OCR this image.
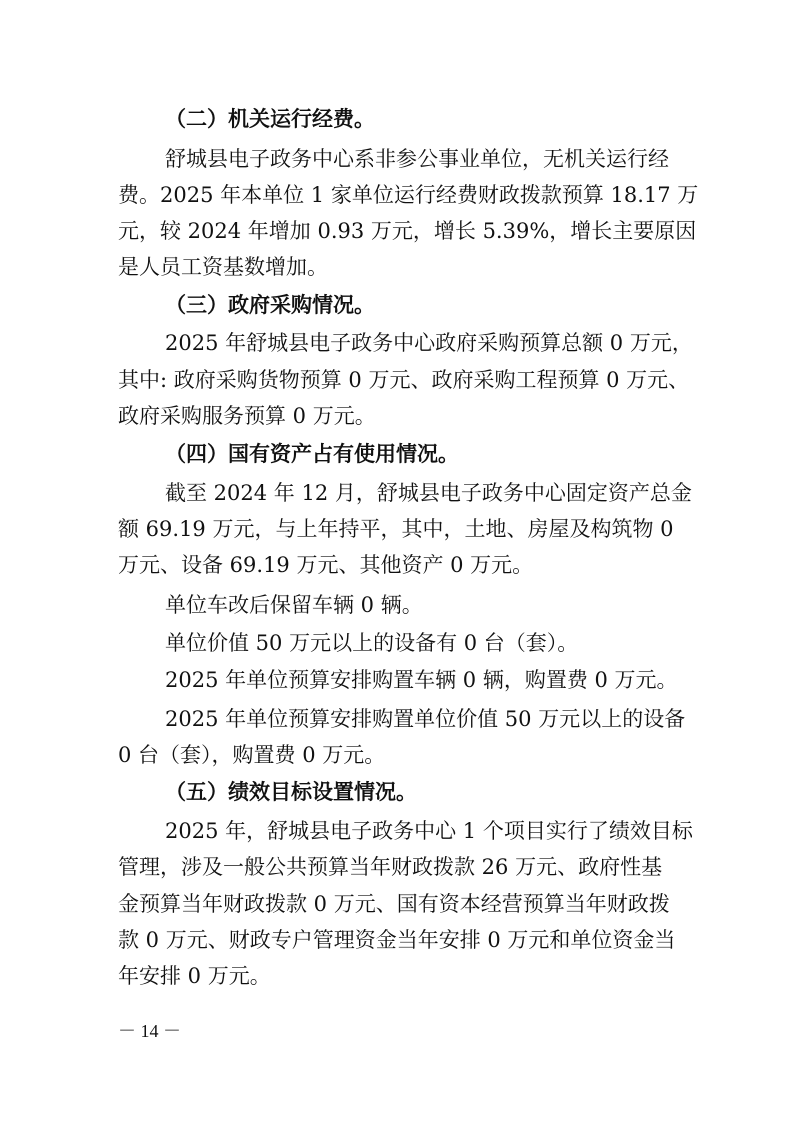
（二）机关运行经费。
舒城县电子政务中心系非参公事业单位，无机关运行经
费。2025 年本单位 1 家单位运行经费财政拨款预算 18.17 万
元，较 2024 年增加 0.93 万元，增长 5.39%，增长主要原因
是人员工资基数增加。
（三）政府采购情况。
2025 年舒城县电子政务中心政府采购预算总额 0 万元，
其中: 政府采购货物预算 0 万元、政府采购工程预算 0 万元、
政府采购服务预算 0 万元。
（四）国有资产占有使用情况。
截至 2024 年 12 月，舒城县电子政务中心固定资产总金
额 69.19 万元，与上年持平，其中，土地、房屋及构筑物 0
万元、设备 69.19 万元、其他资产 0 万元。
单位车改后保留车辆 0 辆。
单位价值 50 万元以上的设备有 0 台（套）。
2025 年单位预算安排购置车辆 0 辆，购置费 0 万元。
2025 年单位预算安排购置单位价值 50 万元以上的设备
0 台（套），购置费 0 万元。
（五）绩效目标设置情况。
2025 年，舒城县电子政务中心 1 个项目实行了绩效目标
管理，涉及一般公共预算当年财政拨款 26 万元、政府性基
金预算当年财政拨款 0 万元、国有资本经营预算当年财政拨
款 0 万元、财政专户管理资金当年安排 0 万元和单位资金当
年安排 0 万元。
－ 14 －
